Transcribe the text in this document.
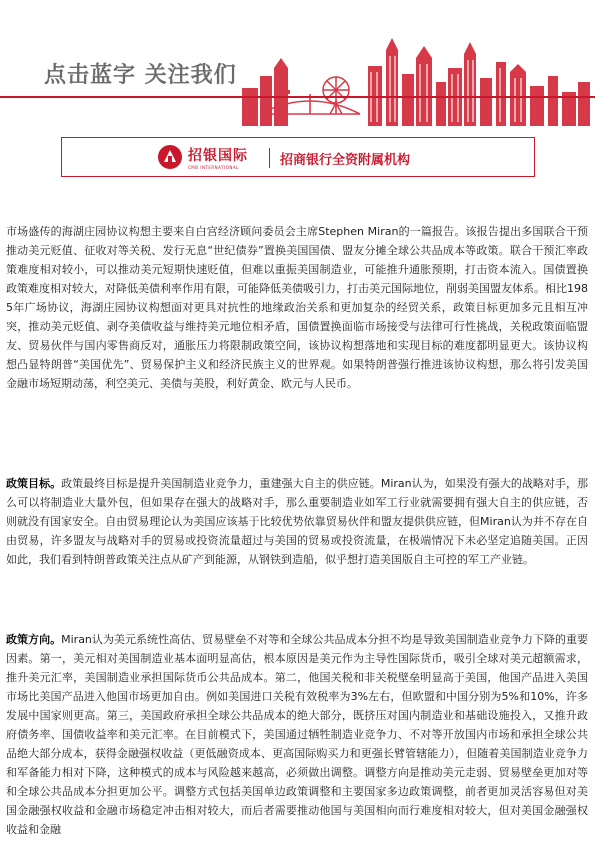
点击蓝字 关注我们
招银国际
CMB INTERNATIONAL	招商银行全资附属机构

市场盛传的海湖庄园协议构想主要来自白宫经济顾问委员会主席Stephen Miran的一篇报告。该报告提出多国联合干预推动美元贬值、征收对等关税、发行无息“世纪债券”置换美国国债、盟友分摊全球公共品成本等政策。联合干预汇率政策难度相对较小，可以推动美元短期快速贬值，但难以重振美国制造业，可能推升通胀预期，打击资本流入。国债置换政策难度相对较大，对降低美债利率作用有限，可能降低美债吸引力，打击美元国际地位，削弱美国盟友体系。相比1985年广场协议，海湖庄园协议构想面对更具对抗性的地缘政治关系和更加复杂的经贸关系，政策目标更加多元且相互冲突，推动美元贬值、剥夺美债收益与维持美元地位相矛盾，国债置换面临市场接受与法律可行性挑战，关税政策面临盟友、贸易伙伴与国内零售商反对，通胀压力将限制政策空间，该协议构想落地和实现目标的难度都明显更大。该协议构想凸显特朗普“美国优先”、贸易保护主义和经济民族主义的世界观。如果特朗普强行推进该协议构想，那么将引发美国金融市场短期动荡，利空美元、美债与美股，利好黄金、欧元与人民币。

政策目标。政策最终目标是提升美国制造业竞争力，重建强大自主的供应链。Miran认为，如果没有强大的战略对手，那么可以将制造业大量外包，但如果存在强大的战略对手，那么重要制造业如军工行业就需要拥有强大自主的供应链，否则就没有国家安全。自由贸易理论认为美国应该基于比较优势依靠贸易伙伴和盟友提供供应链，但Miran认为并不存在自由贸易，许多盟友与战略对手的贸易或投资流量超过与美国的贸易或投资流量，在极端情况下未必坚定追随美国。正因如此，我们看到特朗普政策关注点从矿产到能源，从钢铁到造船，似乎想打造美国版自主可控的军工产业链。

政策方向。Miran认为美元系统性高估、贸易壁垒不对等和全球公共品成本分担不均是导致美国制造业竞争力下降的重要因素。第一，美元相对美国制造业基本面明显高估，根本原因是美元作为主导性国际货币，吸引全球对美元超额需求，推升美元汇率，美国制造业承担国际货币公共品成本。第二，他国关税和非关税壁垒明显高于美国，他国产品进入美国市场比美国产品进入他国市场更加自由。例如美国进口关税有效税率为3%左右，但欧盟和中国分别为5%和10%，许多发展中国家则更高。第三，美国政府承担全球公共品成本的绝大部分，既挤压对国内制造业和基础设施投入，又推升政府债务率、国债收益率和美元汇率。在目前模式下，美国通过牺牲制造业竞争力、不对等开放国内市场和承担全球公共品绝大部分成本，获得金融强权收益（更低融资成本、更高国际购买力和更强长臂管辖能力），但随着美国制造业竞争力和军备能力相对下降，这种模式的成本与风险越来越高，必须做出调整。调整方向是推动美元走弱、贸易壁垒更加对等和全球公共品成本分担更加公平。调整方式包括美国单边政策调整和主要国家多边政策调整，前者更加灵活容易但对美国金融强权收益和金融市场稳定冲击相对较大，而后者需要推动他国与美国相向而行难度相对较大，但对美国金融强权收益和金融
